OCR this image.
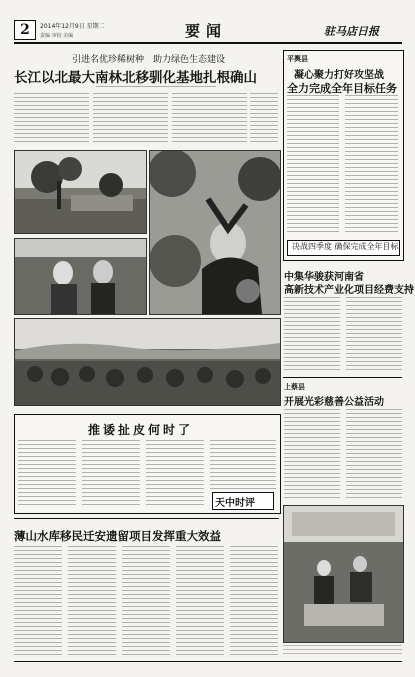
2	2014年12月9日 星期二
责编 审校 美编	要闻	驻马店日报
引进名优珍稀树种　助力绿色生态建设
长江以北最大南林北移驯化基地扎根确山
平舆县
凝心聚力打好攻坚战
全力完成全年目标任务
决战四季度 确保完成全年目标
中集华骏获河南省
高新技术产业化项目经费支持
上蔡县
开展光彩慈善公益活动
推诿扯皮何时了
天中时评
薄山水库移民迁安遗留项目发挥重大效益
